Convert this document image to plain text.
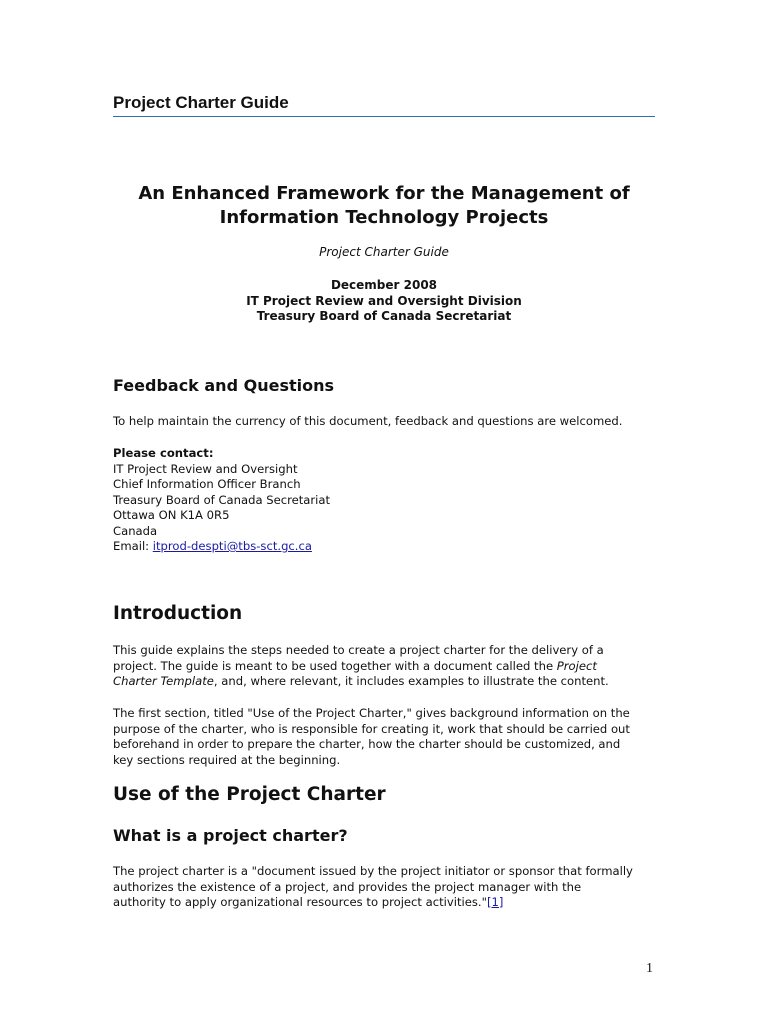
Project Charter Guide
An Enhanced Framework for the Management of
Information Technology Projects
Project Charter Guide
December 2008
IT Project Review and Oversight Division
Treasury Board of Canada Secretariat
Feedback and Questions
To help maintain the currency of this document, feedback and questions are welcomed.
Please contact:
IT Project Review and Oversight
Chief Information Officer Branch
Treasury Board of Canada Secretariat
Ottawa ON K1A 0R5
Canada
Email: itprod-despti@tbs-sct.gc.ca
Introduction
This guide explains the steps needed to create a project charter for the delivery of a
project. The guide is meant to be used together with a document called the Project
Charter Template, and, where relevant, it includes examples to illustrate the content.
The first section, titled "Use of the Project Charter," gives background information on the
purpose of the charter, who is responsible for creating it, work that should be carried out
beforehand in order to prepare the charter, how the charter should be customized, and
key sections required at the beginning.
Use of the Project Charter
What is a project charter?
The project charter is a "document issued by the project initiator or sponsor that formally
authorizes the existence of a project, and provides the project manager with the
authority to apply organizational resources to project activities."[1]
1
